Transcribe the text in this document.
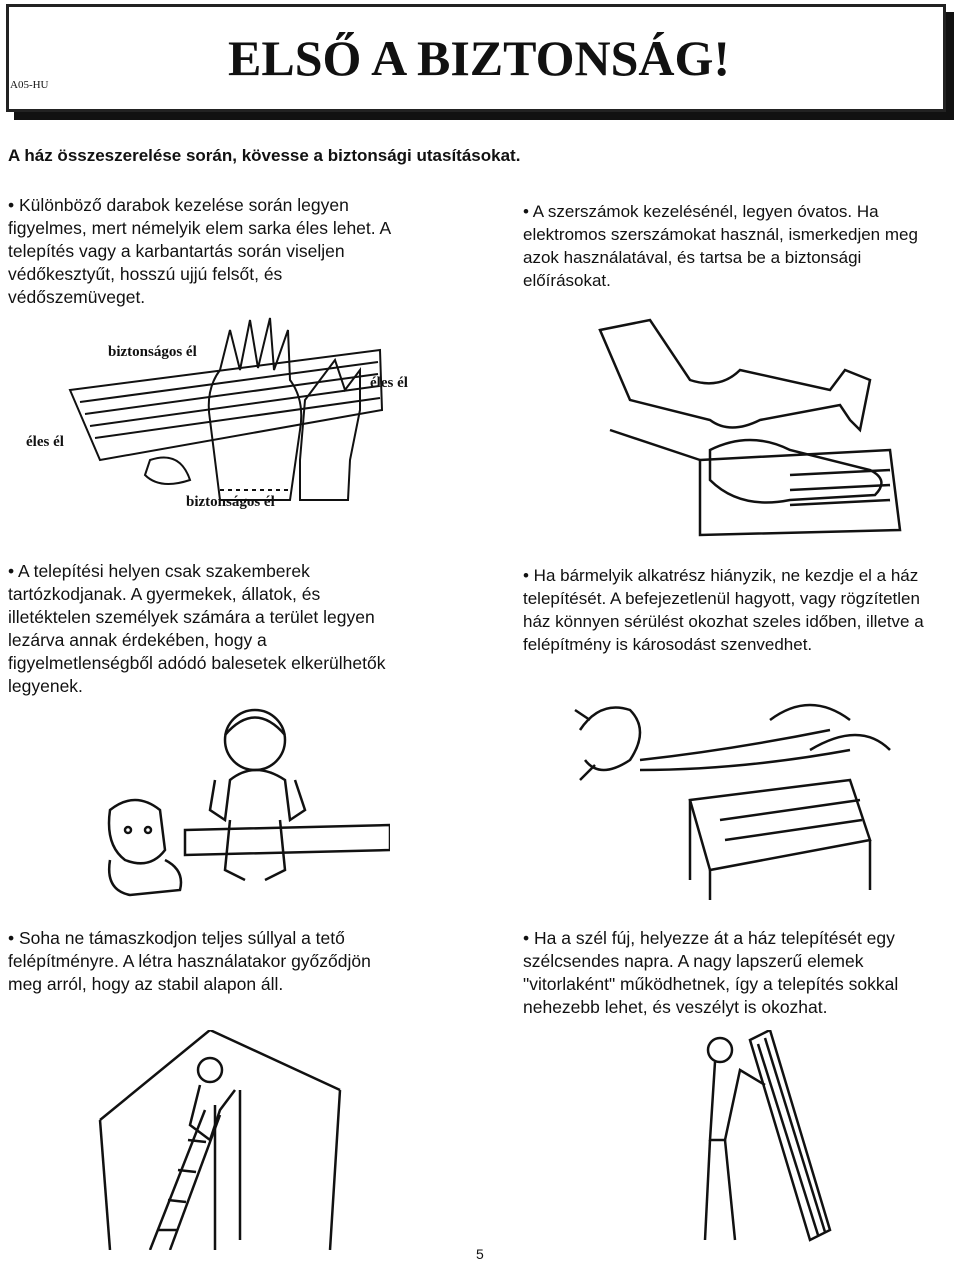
A05-HU	ELSŐ A BIZTONSÁG!
A ház összeszerelése során, kövesse a biztonsági utasításokat.
• Különböző darabok kezelése során legyen figyelmes, mert némelyik elem sarka éles lehet. A telepítés vagy a karbantartás során viseljen védőkesztyűt, hosszú ujjú felsőt, és védőszemüveget.
• A szerszámok kezelésénél, legyen óvatos. Ha elektromos szerszámokat használ, ismerkedjen meg azok használatával, és tartsa be a biztonsági előírásokat.
• A telepítési helyen csak szakemberek tartózkodjanak. A gyermekek, állatok, és illetéktelen személyek számára a terület legyen lezárva annak érdekében, hogy a figyelmetlenségből adódó balesetek elkerülhetők legyenek.
• Ha bármelyik alkatrész hiányzik, ne kezdje el a ház telepítését. A befejezetlenül hagyott, vagy rögzítetlen ház könnyen sérülést okozhat szeles időben, illetve a felépítmény is károsodást szenvedhet.
• Soha ne támaszkodjon teljes súllyal a tető felépítményre. A létra használatakor győződjön meg arról, hogy az stabil alapon áll.
• Ha a szél fúj, helyezze át a ház telepítését egy szélcsendes napra. A nagy lapszerű elemek "vitorlaként" működhetnek, így a telepítés sokkal nehezebb lehet, és veszélyt is okozhat.
biztonságos él
éles él
éles él
biztonságos él
5
